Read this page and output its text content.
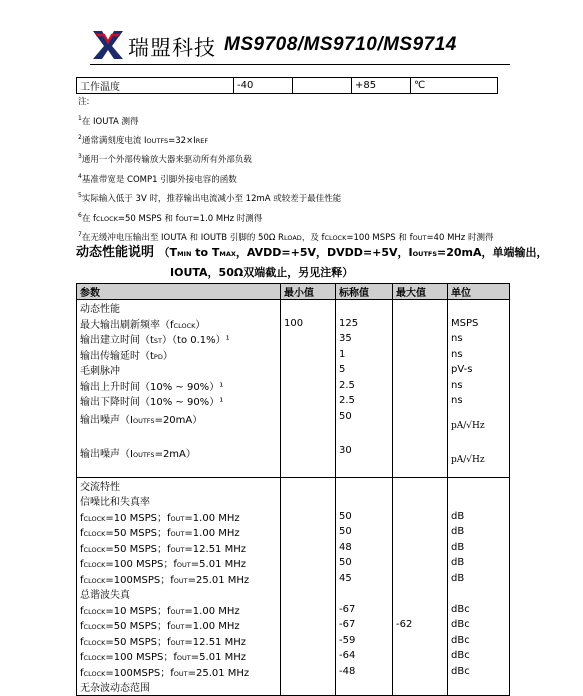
瑞盟科技 MS9708/MS9710/MS9714
工作温度	-40		+85	℃
注:
$^1$在 IOUTA 测得
$^2$通常满刻度电流 IOUTFS=32×IREF
$^3$通用一个外部传输放大器来驱动所有外部负载
$^4$基准带宽是 COMP1 引脚外接电容的函数
$^5$实际输入低于 3V 时，推荐输出电流减小至 12mA 或较差于最佳性能
$^6$在 fCLOCK=50 MSPS 和 fOUT=1.0 MHz 时测得
$^7$在无缓冲电压输出至 IOUTA 和 IOUTB 引脚的 50Ω RLOAD，及 fCLOCK=100 MSPS 和 fOUT=40 MHz 时测得
动态性能说明 （TMIN to TMAX，AVDD=+5V，DVDD=+5V，IOUTFS=20mA，单端输出，
IOUTA，50Ω双端截止，另见注释）
参数	最小值	标称值	最大值	单位
动态性能				
最大输出刷新频率（fCLOCK）	100	125		MSPS
输出建立时间（tST）（to 0.1%）¹		35		ns
输出传输延时（tPD）		1		ns
毛刺脉冲		5		pV-s
输出上升时间（10% ~ 90%）¹		2.5		ns
输出下降时间（10% ~ 90%）¹		2.5		ns
输出噪声（IOUTFS=20mA）		50		pA/√Hz
输出噪声（IOUTFS=2mA）		30		pA/√Hz
交流特性				
信噪比和失真率				
fCLOCK=10 MSPS；fOUT=1.00 MHz		50		dB
fCLOCK=50 MSPS；fOUT=1.00 MHz		50		dB
fCLOCK=50 MSPS；fOUT=12.51 MHz		48		dB
fCLOCK=100 MSPS；fOUT=5.01 MHz		50		dB
fCLOCK=100MSPS；fOUT=25.01 MHz		45		dB
总谐波失真				
fCLOCK=10 MSPS；fOUT=1.00 MHz		-67		dBc
fCLOCK=50 MSPS；fOUT=1.00 MHz		-67	-62	dBc
fCLOCK=50 MSPS；fOUT=12.51 MHz		-59		dBc
fCLOCK=100 MSPS；fOUT=5.01 MHz		-64		dBc
fCLOCK=100MSPS；fOUT=25.01 MHz		-48		dBc
无杂波动态范围				
